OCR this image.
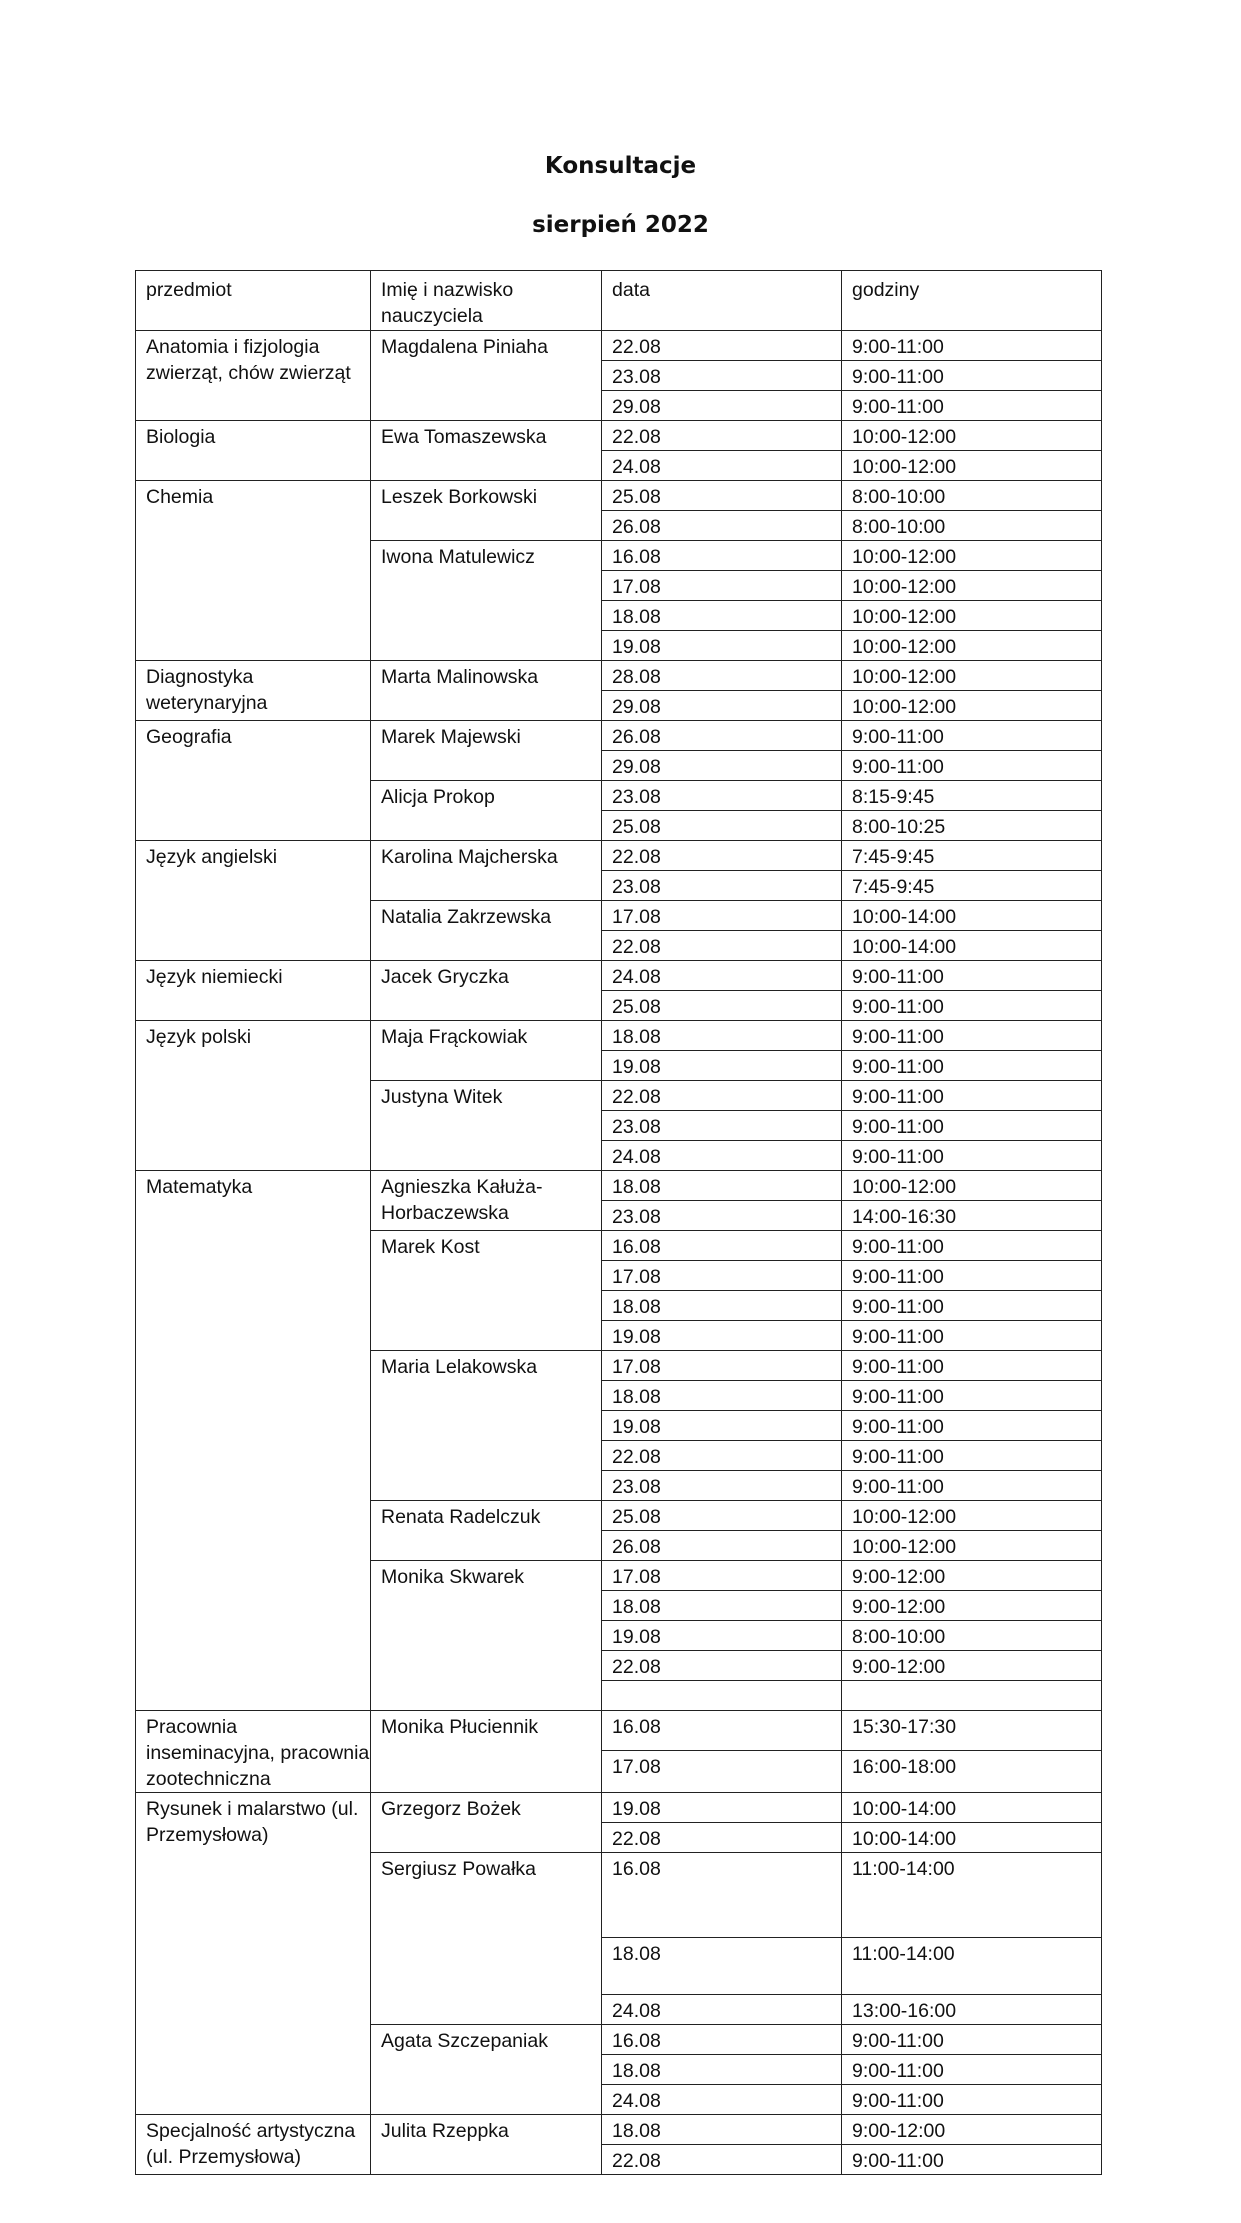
Konsultacje
sierpień 2022
przedmiot	Imię i nazwisko nauczyciela	data	godziny
Anatomia i fizjologia zwierząt, chów zwierząt	Magdalena Piniaha	22.08	9:00-11:00
		23.08	9:00-11:00
		29.08	9:00-11:00
Biologia	Ewa Tomaszewska	22.08	10:00-12:00
		24.08	10:00-12:00
Chemia	Leszek Borkowski	25.08	8:00-10:00
		26.08	8:00-10:00
	Iwona Matulewicz	16.08	10:00-12:00
		17.08	10:00-12:00
		18.08	10:00-12:00
		19.08	10:00-12:00
Diagnostyka weterynaryjna	Marta Malinowska	28.08	10:00-12:00
		29.08	10:00-12:00
Geografia	Marek Majewski	26.08	9:00-11:00
		29.08	9:00-11:00
	Alicja Prokop	23.08	8:15-9:45
		25.08	8:00-10:25
Język angielski	Karolina Majcherska	22.08	7:45-9:45
		23.08	7:45-9:45
	Natalia Zakrzewska	17.08	10:00-14:00
		22.08	10:00-14:00
Język niemiecki	Jacek Gryczka	24.08	9:00-11:00
		25.08	9:00-11:00
Język polski	Maja Frąckowiak	18.08	9:00-11:00
		19.08	9:00-11:00
	Justyna Witek	22.08	9:00-11:00
		23.08	9:00-11:00
		24.08	9:00-11:00
Matematyka	Agnieszka Kałuża-Horbaczewska	18.08	10:00-12:00
		23.08	14:00-16:30
	Marek Kost	16.08	9:00-11:00
		17.08	9:00-11:00
		18.08	9:00-11:00
		19.08	9:00-11:00
	Maria Lelakowska	17.08	9:00-11:00
		18.08	9:00-11:00
		19.08	9:00-11:00
		22.08	9:00-11:00
		23.08	9:00-11:00
	Renata Radelczuk	25.08	10:00-12:00
		26.08	10:00-12:00
	Monika Skwarek	17.08	9:00-12:00
		18.08	9:00-12:00
		19.08	8:00-10:00
		22.08	9:00-12:00

Pracownia inseminacyjna, pracownia zootechniczna	Monika Płuciennik	16.08	15:30-17:30
		17.08	16:00-18:00
Rysunek i malarstwo (ul. Przemysłowa)	Grzegorz Bożek	19.08	10:00-14:00
		22.08	10:00-14:00
	Sergiusz Powałka	16.08	11:00-14:00
		18.08	11:00-14:00
		24.08	13:00-16:00
	Agata Szczepaniak	16.08	9:00-11:00
		18.08	9:00-11:00
		24.08	9:00-11:00
Specjalność artystyczna (ul. Przemysłowa)	Julita Rzeppka	18.08	9:00-12:00
		22.08	9:00-11:00
